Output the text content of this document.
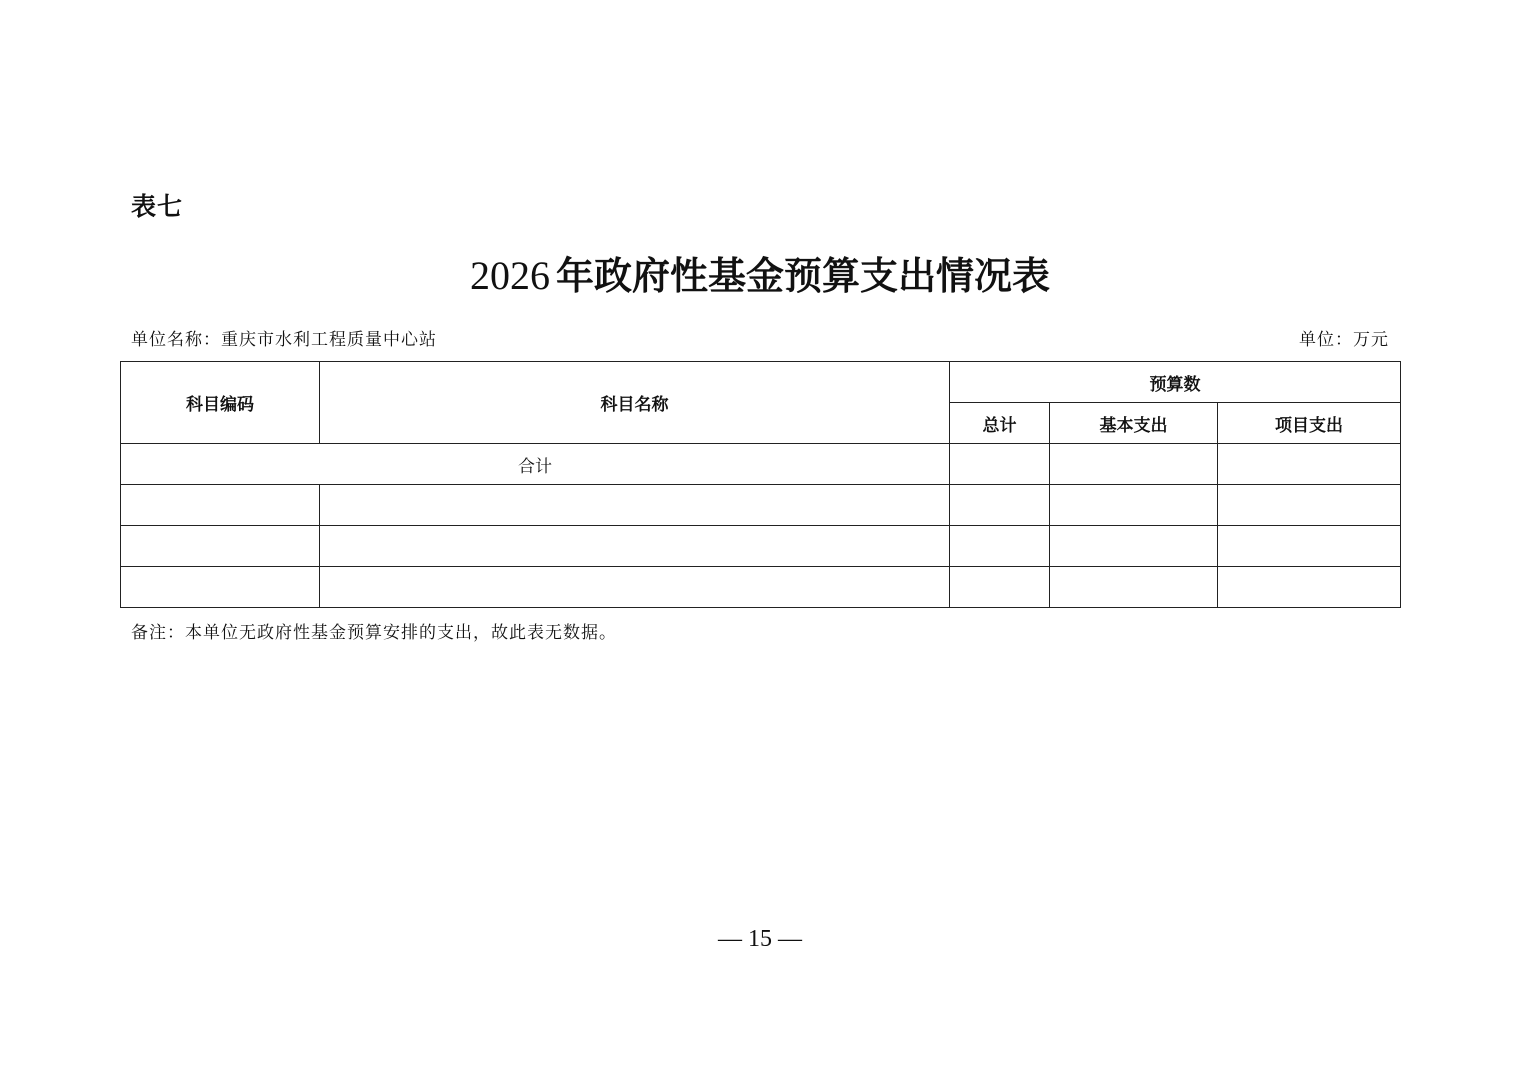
表七
2026 年政府性基金预算支出情况表
单位名称：重庆市水利工程质量中心站	单位：万元
科目编码	科目名称	预算数		
		总计	基本支出	项目支出
合计				

备注：本单位无政府性基金预算安排的支出，故此表无数据。
— 15 —
